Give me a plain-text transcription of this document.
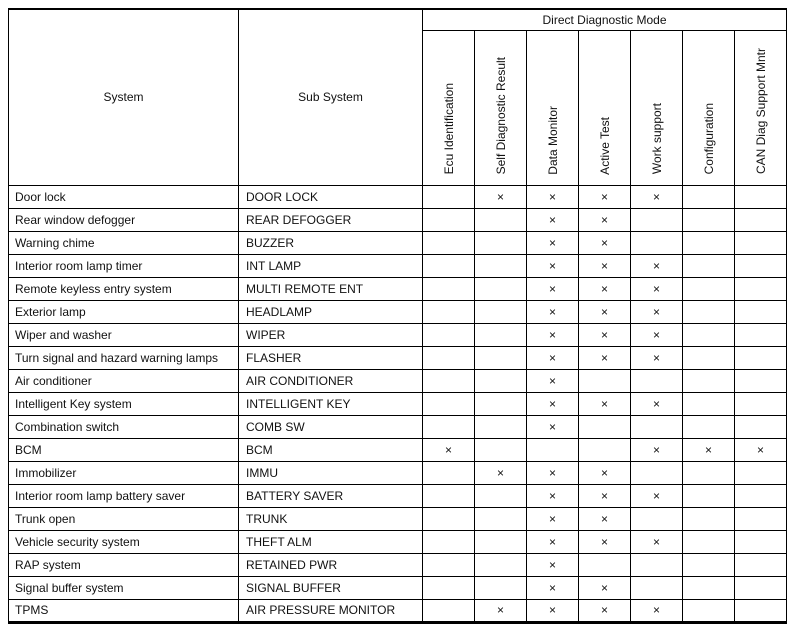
System	Sub System	Direct Diagnostic Mode						
		Ecu Identification	Self Diagnostic Result	Data Monitor	Active Test	Work support	Configuration	CAN Diag Support Mntr
Door lock	DOOR LOCK		×	×	×	×		
Rear window defogger	REAR DEFOGGER			×	×			
Warning chime	BUZZER			×	×			
Interior room lamp timer	INT LAMP			×	×	×		
Remote keyless entry system	MULTI REMOTE ENT			×	×	×		
Exterior lamp	HEADLAMP			×	×	×		
Wiper and washer	WIPER			×	×	×		
Turn signal and hazard warning lamps	FLASHER			×	×	×		
Air conditioner	AIR CONDITIONER			×				
Intelligent Key system	INTELLIGENT KEY			×	×	×		
Combination switch	COMB SW			×				
BCM	BCM	×				×	×	×
Immobilizer	IMMU		×	×	×			
Interior room lamp battery saver	BATTERY SAVER			×	×	×		
Trunk open	TRUNK			×	×			
Vehicle security system	THEFT ALM			×	×	×		
RAP system	RETAINED PWR			×				
Signal buffer system	SIGNAL BUFFER			×	×			
TPMS	AIR PRESSURE MONITOR		×	×	×	×		
